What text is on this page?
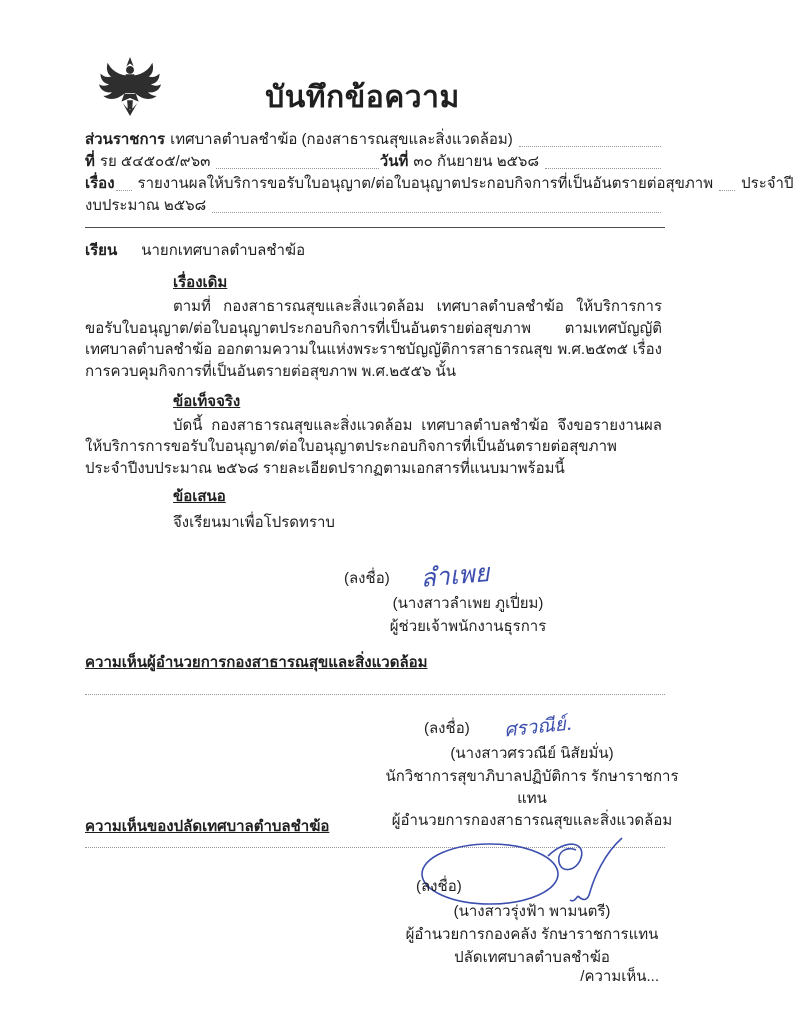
บันทึกข้อความ
ส่วนราชการ เทศบาลตำบลชำฆ้อ (กองสาธารณสุขและสิ่งแวดล้อม)
ที่ รย ๕๔๕๐๕/๙๖๓	วันที่ ๓๐ กันยายน ๒๕๖๘
เรื่อง	รายงานผลให้บริการขอรับใบอนุญาต/ต่อใบอนุญาตประกอบกิจการที่เป็นอันตรายต่อสุขภาพ	ประจำปี
งบประมาณ ๒๕๖๘
เรียน นายกเทศบาลตำบลชำฆ้อ
เรื่องเดิม

ตามที่ กองสาธารณสุขและสิ่งแวดล้อม เทศบาลตำบลชำฆ้อ ให้บริการการขอรับใบอนุญาต/ต่อใบอนุญาตประกอบกิจการที่เป็นอันตรายต่อสุขภาพ ตามเทศบัญญัติเทศบาลตำบลชำฆ้อ ออกตามความในแห่งพระราชบัญญัติการสาธารณสุข พ.ศ.๒๕๓๕ เรื่อง การควบคุมกิจการที่เป็นอันตรายต่อสุขภาพ พ.ศ.๒๕๕๖ นั้น

ข้อเท็จจริง

บัดนี้ กองสาธารณสุขและสิ่งแวดล้อม เทศบาลตำบลชำฆ้อ จึงขอรายงานผลให้บริการการขอรับใบอนุญาต/ต่อใบอนุญาตประกอบกิจการที่เป็นอันตรายต่อสุขภาพ ประจำปีงบประมาณ ๒๕๖๘ รายละเอียดปรากฏตามเอกสารที่แนบมาพร้อมนี้

ข้อเสนอ
จึงเรียนมาเพื่อโปรดทราบ
(ลงชื่อ) ลำเพย
(นางสาวลำเพย ภูเปี่ยม)
ผู้ช่วยเจ้าพนักงานธุรการ
ความเห็นผู้อำนวยการกองสาธารณสุขและสิ่งแวดล้อม
(ลงชื่อ) ศรวณีย์.
(นางสาวศรวณีย์ นิสัยมั่น)
นักวิชาการสุขาภิบาลปฏิบัติการ รักษาราชการแทน
ผู้อำนวยการกองสาธารณสุขและสิ่งแวดล้อม
ความเห็นของปลัดเทศบาลตำบลชำฆ้อ
(ลงชื่อ)
(นางสาวรุ่งฟ้า พามนตรี)
ผู้อำนวยการกองคลัง รักษาราชการแทน
ปลัดเทศบาลตำบลชำฆ้อ
/ความเห็น...
